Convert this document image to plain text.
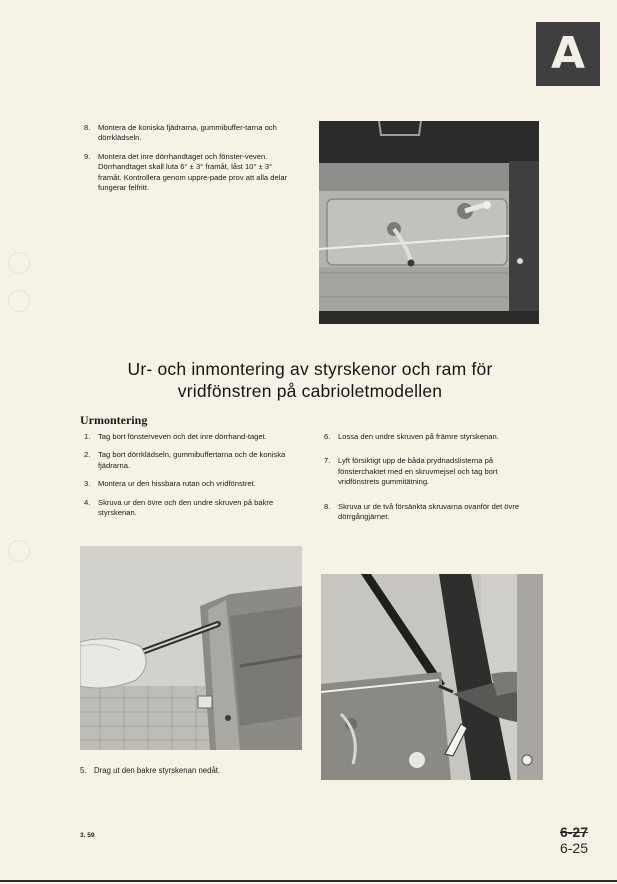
A
8.	Montera de koniska fjädrarna, gummibuffer-tarna och dörrklädseln.
9.	Montera det inre dörrhandtaget och fönster-veven. Dörrhandtaget skall luta 6° ± 3° framåt, låst 10° ± 3° framåt. Kontrollera genom uppre-pade prov att alla delar fungerar felfritt.
Ur- och inmontering av styrskenor och ram för
vridfönstren på cabrioletmodellen
Urmontering
1.	Tag bort fönsterveven och det inre dörrhand-taget.
2.	Tag bort dörrklädseln, gummibuffertarna och de koniska fjädrarna.
3.	Montera ur den hissbara rutan och vridfönstret.
4.	Skruva ur den övre och den undre skruven på bakre styrskenan.
6.	Lossa den undre skruven på främre styrskenan.
7.	Lyft försiktigt upp de båda prydnadslisterna på fönsterchaktet med en skruvmejsel och tag bort vridfönstrets gummitätning.
8.	Skruva ur de två försänkta skruvarna ovanför det övre dörrgångjärnet.
5. Drag ut den bakre styrskenan nedåt.
3. 59	6-27
6-25
